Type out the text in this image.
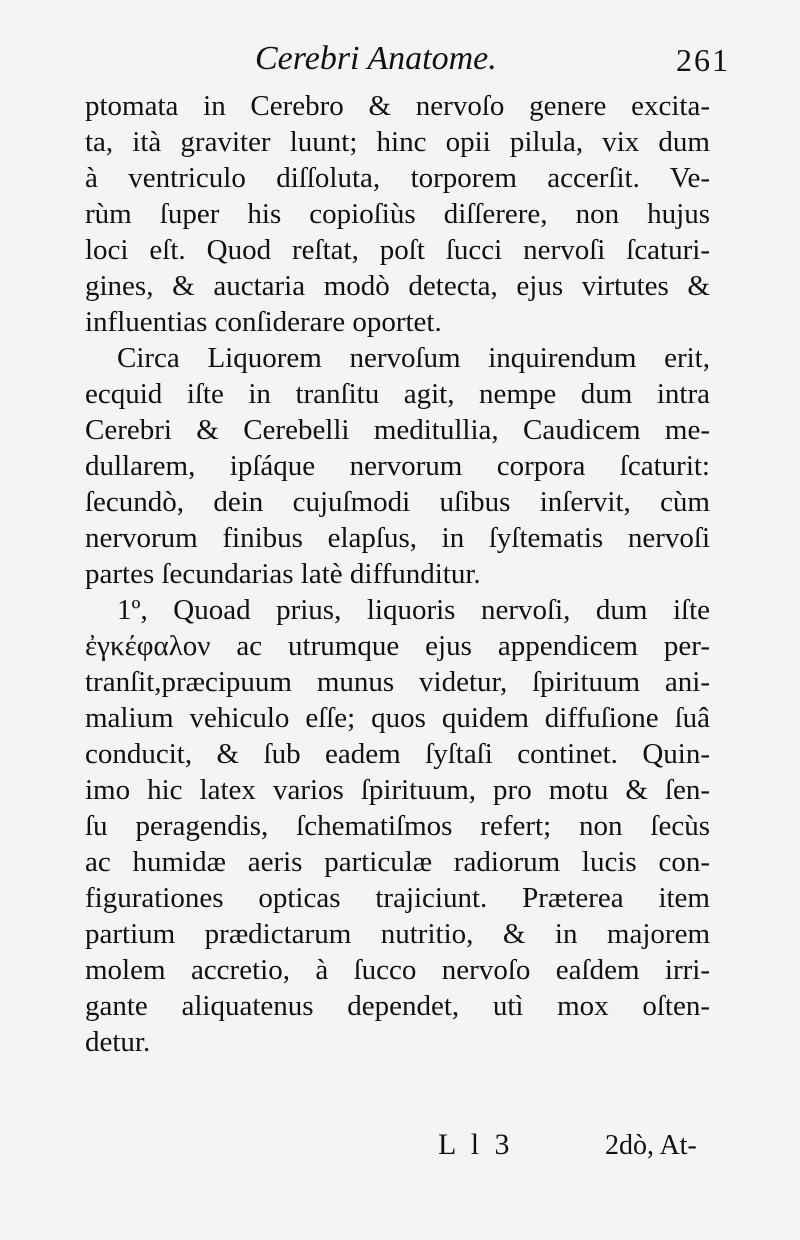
Cerebri Anatome.	261
ptomata in Cerebro & nervoſo genere excita-
ta, ità graviter luunt; hinc opii pilula, vix dum
à ventriculo diſſoluta, torporem accerſit. Ve-
rùm ſuper his copioſiùs diſſerere, non hujus
loci eſt. Quod reſtat, poſt ſucci nervoſi ſcaturi-
gines, & auctaria modò detecta, ejus virtutes &
influentias conſiderare oportet.
Circa Liquorem nervoſum inquirendum erit,
ecquid iſte in tranſitu agit, nempe dum intra
Cerebri & Cerebelli meditullia, Caudicem me-
dullarem, ipſáque nervorum corpora ſcaturit:
ſecundò, dein cujuſmodi uſibus inſervit, cùm
nervorum finibus elapſus, in ſyſtematis nervoſi
partes ſecundarias latè diffunditur.
1º, Quoad prius, liquoris nervoſi, dum iſte
ἐγκέφαλον ac utrumque ejus appendicem per-
tranſit,præcipuum munus videtur, ſpirituum ani-
malium vehiculo eſſe; quos quidem diffuſione ſuâ
conducit, & ſub eadem ſyſtaſi continet. Quin-
imo hic latex varios ſpirituum, pro motu & ſen-
ſu peragendis, ſchematiſmos refert; non ſecùs
ac humidæ aeris particulæ radiorum lucis con-
figurationes opticas trajiciunt. Præterea item
partium prædictarum nutritio, & in majorem
molem accretio, à ſucco nervoſo eaſdem irri-
gante aliquatenus dependet, utì mox oſten-
detur.
L l 3	2dò, At-
